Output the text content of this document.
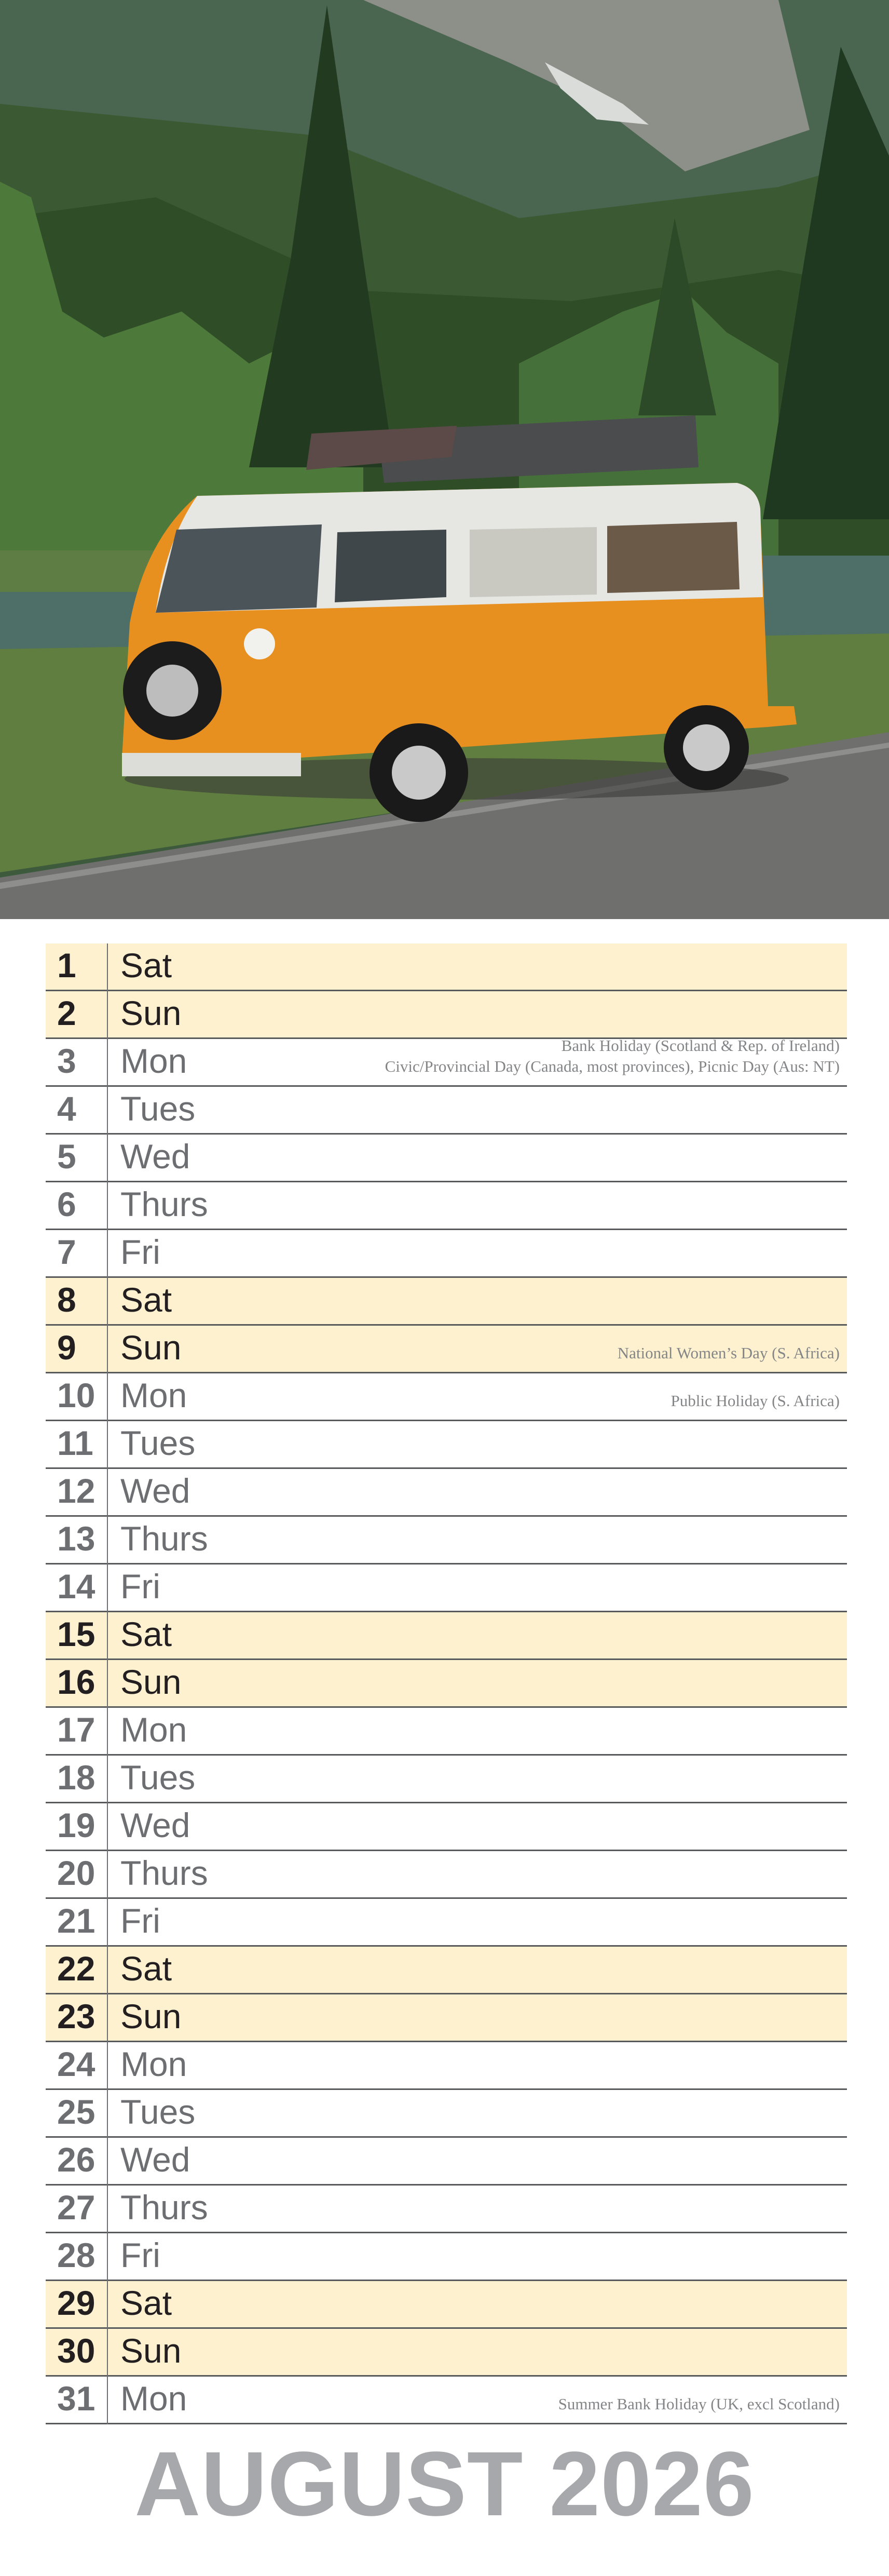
1 Sat
2 Sun
3 Mon	Bank Holiday (Scotland & Rep. of Ireland)
Civic/Provincial Day (Canada, most provinces), Picnic Day (Aus: NT)
4 Tues
5 Wed
6 Thurs
7 Fri
8 Sat
9 Sun	National Women’s Day (S. Africa)
10 Mon	Public Holiday (S. Africa)
11 Tues
12 Wed
13 Thurs
14 Fri
15 Sat
16 Sun
17 Mon
18 Tues
19 Wed
20 Thurs
21 Fri
22 Sat
23 Sun
24 Mon
25 Tues
26 Wed
27 Thurs
28 Fri
29 Sat
30 Sun
31 Mon	Summer Bank Holiday (UK, excl Scotland)
AUGUST 2026
